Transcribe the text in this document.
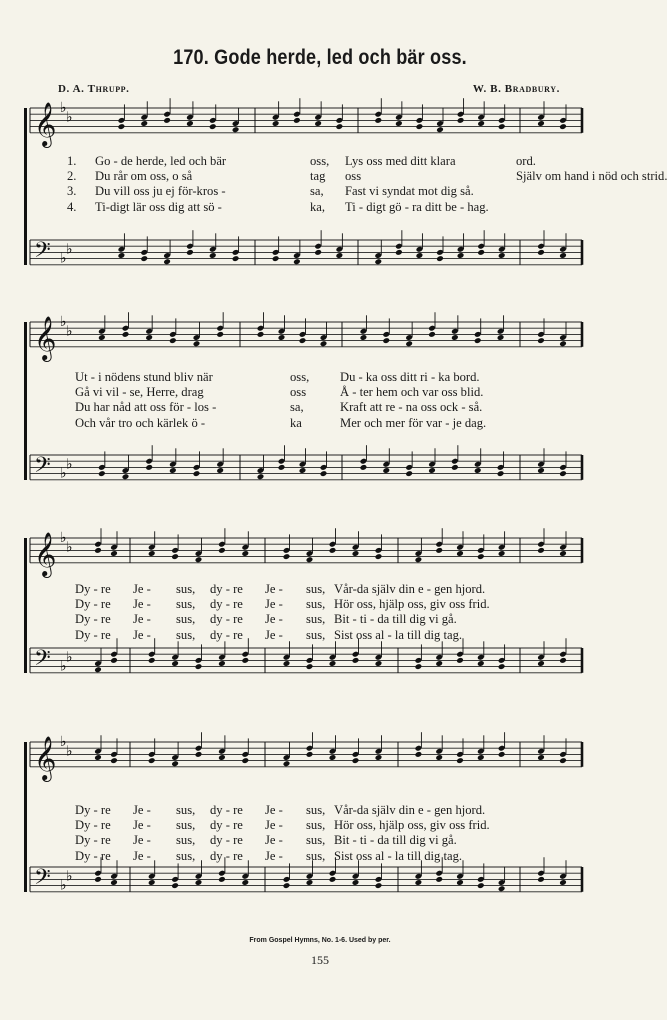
170. Gode herde, led och bär oss.
D. A. Thrupp.	W. B. Bradbury.
𝄞 ♭
♭
𝄢 ♭
♭
1. Go - de herde, led och bär	oss, Lys oss med ditt klara	ord.
2. Du rår om oss, o så	tag oss	Själv om hand i nöd och strid.
3. Du vill oss ju ej för-kros -	sa, Fast vi syndat mot dig så.
4. Ti-digt lär oss dig att sö -	ka, Ti - digt gö - ra ditt be - hag.
𝄞 ♭
♭
𝄢 ♭
♭
Ut - i nödens stund bliv när	oss, Du - ka oss ditt ri - ka bord.
Gå vi vil - se, Herre, drag	oss	Å - ter hem och var oss blid.
Du har nåd att oss för - los -	sa,	Kraft att re - na oss ock - så.
Och vår tro och kärlek ö -	ka	Mer och mer för var - je dag.
𝄞 ♭
♭
𝄢 ♭
♭
Dy - re Je - sus, dy - re Je - sus, Vår-da själv din e - gen hjord.
Dy - re Je - sus, dy - re Je - sus, Hör oss, hjälp oss, giv oss frid.
Dy - re Je - sus, dy - re Je - sus, Bit - ti - da till dig vi gå.
Dy - re Je - sus, dy - re Je - sus, Sist oss al - la till dig tag.
𝄞 ♭
♭
𝄢 ♭
♭
Dy - re Je - sus, dy - re Je - sus, Vår-da själv din e - gen hjord.
Dy - re Je - sus, dy - re Je - sus, Hör oss, hjälp oss, giv oss frid.
Dy - re Je - sus, dy - re Je - sus, Bit - ti - da till dig vi gå.
Dy - re Je - sus, dy - re Je - sus, Sist oss al - la till dig tag.
From Gospel Hymns, No. 1-6. Used by per.
155
